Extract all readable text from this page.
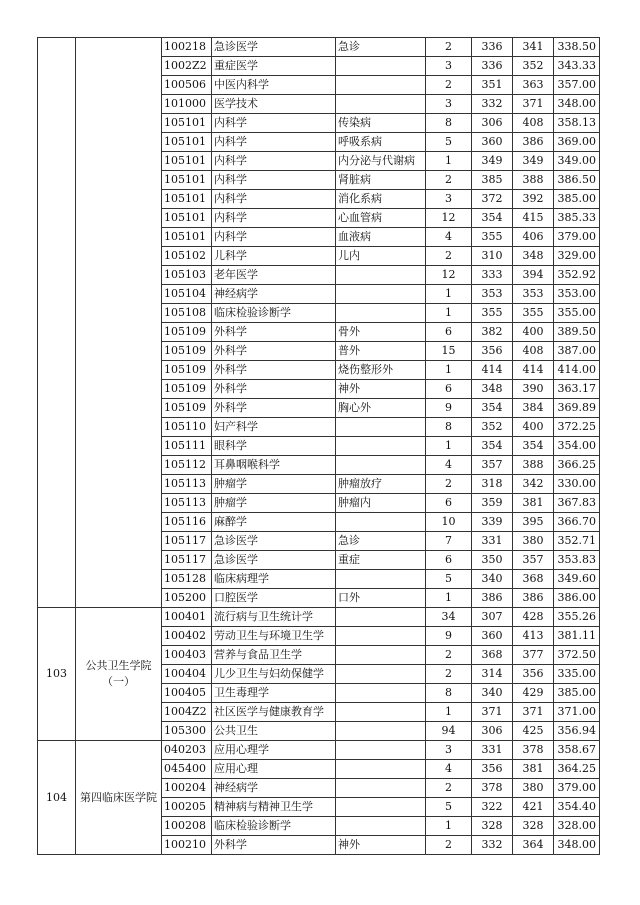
		100218	急诊医学	急诊	2	336	341	338.50
		1002Z2	重症医学		3	336	352	343.33
		100506	中医内科学		2	351	363	357.00
		101000	医学技术		3	332	371	348.00
		105101	内科学	传染病	8	306	408	358.13
		105101	内科学	呼吸系病	5	360	386	369.00
		105101	内科学	内分泌与代谢病	1	349	349	349.00
		105101	内科学	肾脏病	2	385	388	386.50
		105101	内科学	消化系病	3	372	392	385.00
		105101	内科学	心血管病	12	354	415	385.33
		105101	内科学	血液病	4	355	406	379.00
		105102	儿科学	儿内	2	310	348	329.00
		105103	老年医学		12	333	394	352.92
		105104	神经病学		1	353	353	353.00
		105108	临床检验诊断学		1	355	355	355.00
		105109	外科学	骨外	6	382	400	389.50
		105109	外科学	普外	15	356	408	387.00
		105109	外科学	烧伤整形外	1	414	414	414.00
		105109	外科学	神外	6	348	390	363.17
		105109	外科学	胸心外	9	354	384	369.89
		105110	妇产科学		8	352	400	372.25
		105111	眼科学		1	354	354	354.00
		105112	耳鼻咽喉科学		4	357	388	366.25
		105113	肿瘤学	肿瘤放疗	2	318	342	330.00
		105113	肿瘤学	肿瘤内	6	359	381	367.83
		105116	麻醉学		10	339	395	366.70
		105117	急诊医学	急诊	7	331	380	352.71
		105117	急诊医学	重症	6	350	357	353.83
		105128	临床病理学		5	340	368	349.60
		105200	口腔医学	口外	1	386	386	386.00
103	公共卫生学院（一）	100401	流行病与卫生统计学		34	307	428	355.26
		100402	劳动卫生与环境卫生学		9	360	413	381.11
		100403	营养与食品卫生学		2	368	377	372.50
		100404	儿少卫生与妇幼保健学		2	314	356	335.00
		100405	卫生毒理学		8	340	429	385.00
		1004Z2	社区医学与健康教育学		1	371	371	371.00
		105300	公共卫生		94	306	425	356.94
104	第四临床医学院	040203	应用心理学		3	331	378	358.67
		045400	应用心理		4	356	381	364.25
		100204	神经病学		2	378	380	379.00
		100205	精神病与精神卫生学		5	322	421	354.40
		100208	临床检验诊断学		1	328	328	328.00
		100210	外科学	神外	2	332	364	348.00
